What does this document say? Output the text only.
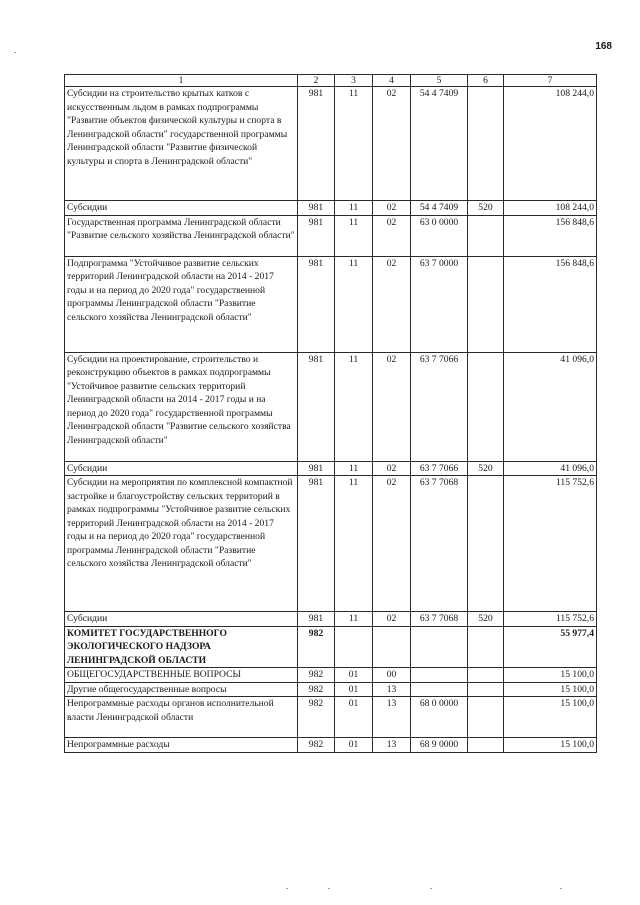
168
1	2	3	4	5	6	7
Субсидии на строительство крытых катков с искусственным льдом в рамках подпрограммы "Развитие объектов физической культуры и спорта в Ленинградской области" государственной программы Ленинградской области "Развитие физической культуры и спорта в Ленинградской области"	981	11	02	54 4 7409		108 244,0
Субсидии	981	11	02	54 4 7409	520	108 244,0
Государственная программа Ленинградской области "Развитие сельского хозяйства Ленинградской области"	981	11	02	63 0 0000		156 848,6
Подпрограмма "Устойчивое развитие сельских территорий Ленинградской области на 2014 - 2017 годы и на период до 2020 года" государственной программы Ленинградской области "Развитие сельского хозяйства Ленинградской области"	981	11	02	63 7 0000		156 848,6
Субсидии на проектирование, строительство и реконструкцию объектов в рамках подпрограммы "Устойчивое развитие сельских территорий Ленинградской области на 2014 - 2017 годы и на период до 2020 года" государственной программы Ленинградской области "Развитие сельского хозяйства Ленинградской области"	981	11	02	63 7 7066		41 096,0
Субсидии	981	11	02	63 7 7066	520	41 096,0
Субсидии на мероприятия по комплексной компактной застройке и благоустройству сельских территорий в рамках подпрограммы "Устойчивое развитие сельских территорий Ленинградской области на 2014 - 2017 годы и на период до 2020 года" государственной программы Ленинградской области "Развитие сельского хозяйства Ленинградской области"	981	11	02	63 7 7068		115 752,6
Субсидии	981	11	02	63 7 7068	520	115 752,6
КОМИТЕТ ГОСУДАРСТВЕННОГО ЭКОЛОГИЧЕСКОГО НАДЗОРА ЛЕНИНГРАДСКОЙ ОБЛАСТИ	982					55 977,4
ОБЩЕГОСУДАРСТВЕННЫЕ ВОПРОСЫ	982	01	00			15 100,0
Другие общегосударственные вопросы	982	01	13			15 100,0
Непрограммные расходы органов исполнительной власти Ленинградской области	982	01	13	68 0 0000		15 100,0
Непрограммные расходы	982	01	13	68 9 0000		15 100,0
